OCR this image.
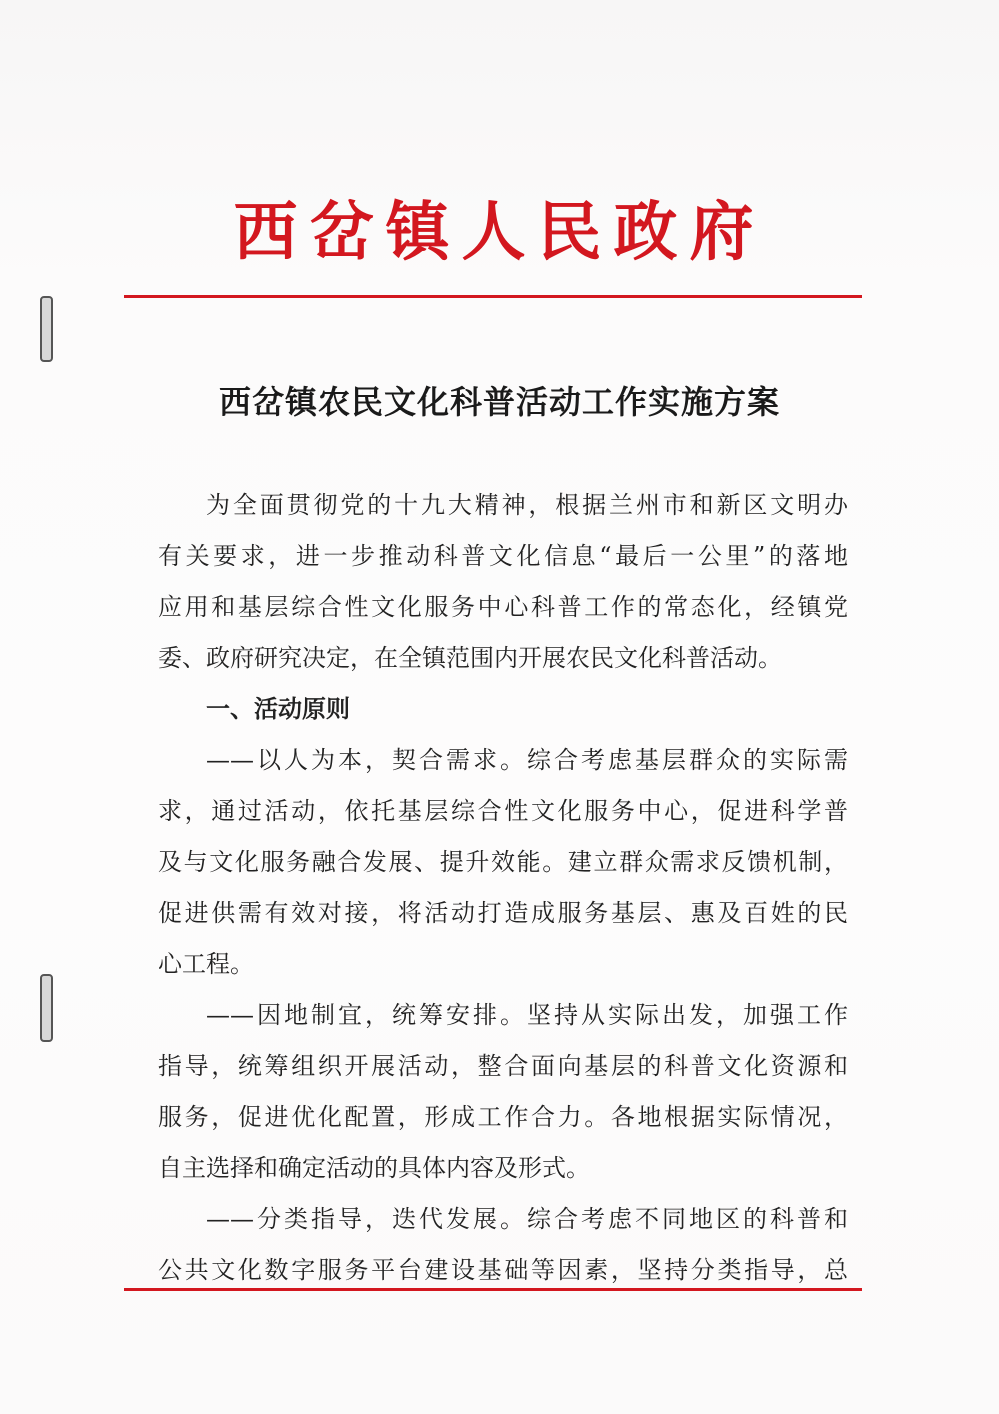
西岔镇人民政府
西岔镇农民文化科普活动工作实施方案
为全面贯彻党的十九大精神，根据兰州市和新区文明办
有关要求，进一步推动科普文化信息“最后一公里”的落地
应用和基层综合性文化服务中心科普工作的常态化，经镇党
委、政府研究决定，在全镇范围内开展农民文化科普活动。
一、活动原则
——以人为本，契合需求。综合考虑基层群众的实际需
求，通过活动，依托基层综合性文化服务中心，促进科学普
及与文化服务融合发展、提升效能。建立群众需求反馈机制，
促进供需有效对接，将活动打造成服务基层、惠及百姓的民
心工程。
——因地制宜，统筹安排。坚持从实际出发，加强工作
指导，统筹组织开展活动，整合面向基层的科普文化资源和
服务，促进优化配置，形成工作合力。各地根据实际情况，
自主选择和确定活动的具体内容及形式。
——分类指导，迭代发展。综合考虑不同地区的科普和
公共文化数字服务平台建设基础等因素，坚持分类指导，总
